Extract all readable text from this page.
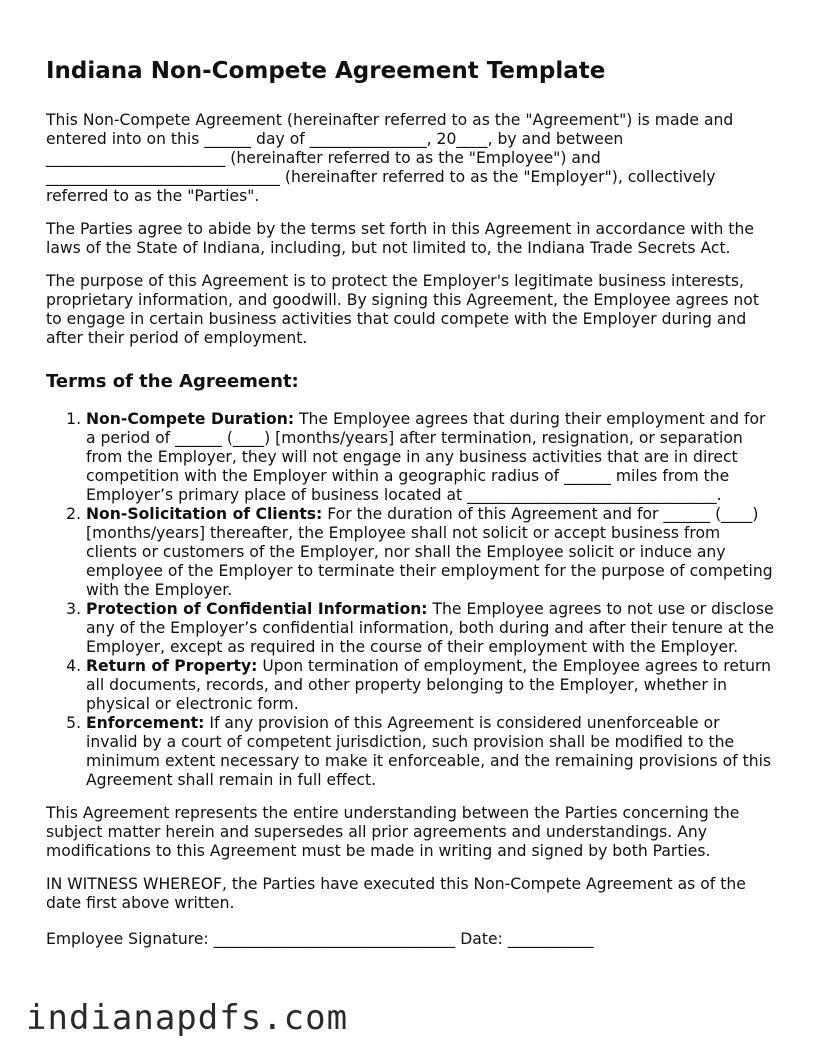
Indiana Non-Compete Agreement Template

This Non-Compete Agreement (hereinafter referred to as the "Agreement") is made and entered into on this ______ day of _______________, 20____, by and between _______________________ (hereinafter referred to as the "Employee") and ______________________________ (hereinafter referred to as the "Employer"), collectively referred to as the "Parties".

The Parties agree to abide by the terms set forth in this Agreement in accordance with the laws of the State of Indiana, including, but not limited to, the Indiana Trade Secrets Act.

The purpose of this Agreement is to protect the Employer's legitimate business interests, proprietary information, and goodwill. By signing this Agreement, the Employee agrees not to engage in certain business activities that could compete with the Employer during and after their period of employment.

Terms of the Agreement:
1. Non-Compete Duration: The Employee agrees that during their employment and for a period of ______ (____) [months/years] after termination, resignation, or separation from the Employer, they will not engage in any business activities that are in direct competition with the Employer within a geographic radius of ______ miles from the Employer’s primary place of business located at ________________________________.
2. Non-Solicitation of Clients: For the duration of this Agreement and for ______ (____) [months/years] thereafter, the Employee shall not solicit or accept business from clients or customers of the Employer, nor shall the Employee solicit or induce any employee of the Employer to terminate their employment for the purpose of competing with the Employer.
3. Protection of Confidential Information: The Employee agrees to not use or disclose any of the Employer’s confidential information, both during and after their tenure at the Employer, except as required in the course of their employment with the Employer.
4. Return of Property: Upon termination of employment, the Employee agrees to return all documents, records, and other property belonging to the Employer, whether in physical or electronic form.
5. Enforcement: If any provision of this Agreement is considered unenforceable or invalid by a court of competent jurisdiction, such provision shall be modified to the minimum extent necessary to make it enforceable, and the remaining provisions of this Agreement shall remain in full effect.

This Agreement represents the entire understanding between the Parties concerning the subject matter herein and supersedes all prior agreements and understandings. Any modifications to this Agreement must be made in writing and signed by both Parties.

IN WITNESS WHEREOF, the Parties have executed this Non-Compete Agreement as of the date first above written.

Employee Signature: _______________________________ Date: ___________
indianapdfs.com
